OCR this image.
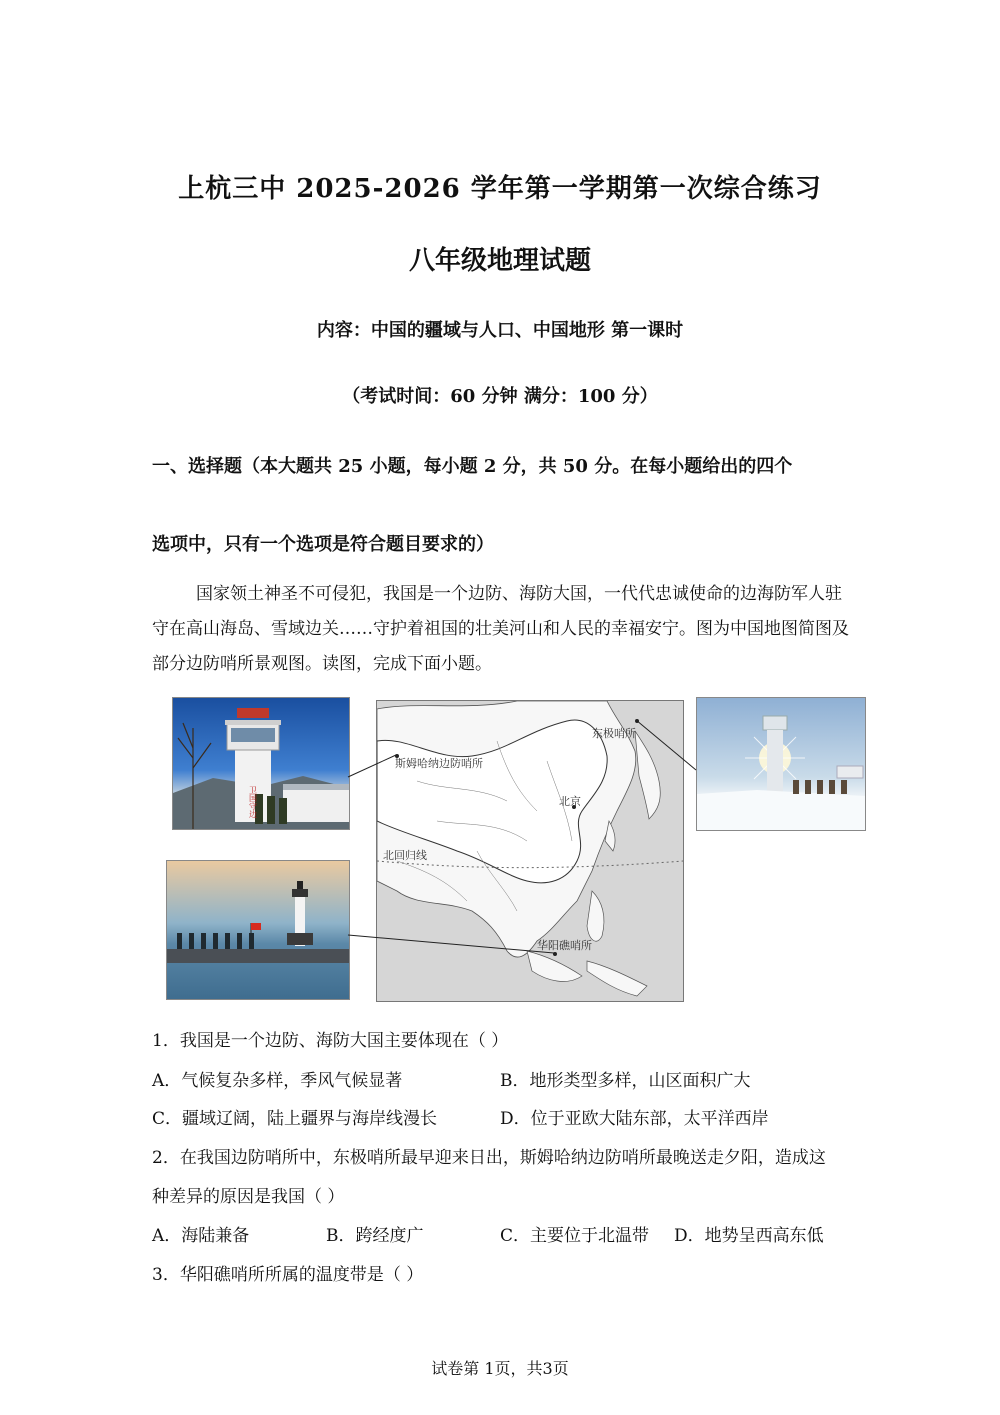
上杭三中 2025-2026 学年第一学期第一次综合练习
八年级地理试题
内容：中国的疆域与人口、中国地形 第一课时
（考试时间：60 分钟 满分：100 分）
一、选择题（本大题共 25 小题，每小题 2 分，共 50 分。在每小题给出的四个
选项中，只有一个选项是符合题目要求的）
国家领土神圣不可侵犯，我国是一个边防、海防大国，一代代忠诚使命的边海防军人驻守在高山海岛、雪域边关……守护着祖国的壮美河山和人民的幸福安宁。图为中国地图简图及部分边防哨所景观图。读图，完成下面小题。
卫国守边
东极哨所
斯姆哈纳边防哨所
北京
北回归线
华阳礁哨所
1．我国是一个边防、海防大国主要体现在（ ）
A．气候复杂多样，季风气候显著	B．地形类型多样，山区面积广大
C．疆域辽阔，陆上疆界与海岸线漫长	D．位于亚欧大陆东部，太平洋西岸
2．在我国边防哨所中，东极哨所最早迎来日出，斯姆哈纳边防哨所最晚送走夕阳，造成这
种差异的原因是我国（ ）
A．海陆兼备	B．跨经度广	C．主要位于北温带 D．地势呈西高东低
3．华阳礁哨所所属的温度带是（ ）
试卷第 1页，共3页
